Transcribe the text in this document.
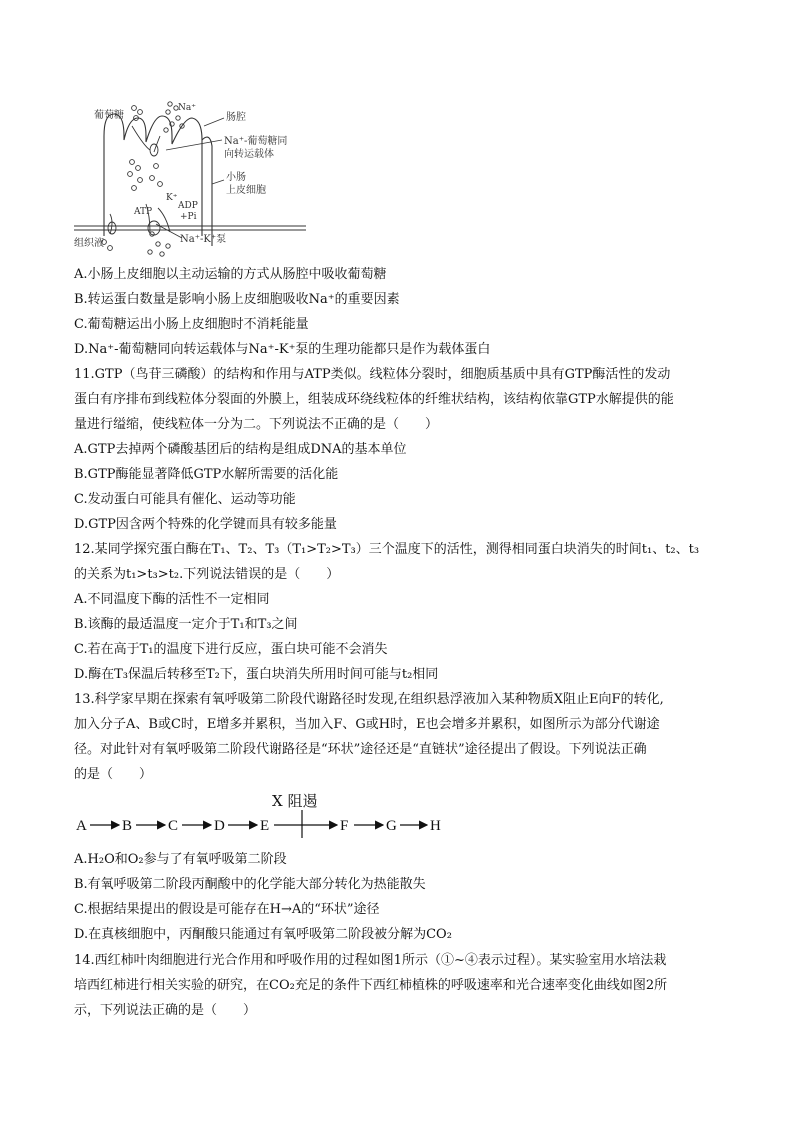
葡萄糖
Na⁺
肠腔
Na⁺-葡萄糖同
向转运载体
小肠
上皮细胞
K⁺
ATP
ADP
+Pi
组织液	Na⁺-K⁺泵
A.小肠上皮细胞以主动运输的方式从肠腔中吸收葡萄糖
B.转运蛋白数量是影响小肠上皮细胞吸收Na⁺的重要因素
C.葡萄糖运出小肠上皮细胞时不消耗能量
D.Na⁺-葡萄糖同向转运载体与Na⁺-K⁺泵的生理功能都只是作为载体蛋白
11.GTP（鸟苷三磷酸）的结构和作用与ATP类似。线粒体分裂时，细胞质基质中具有GTP酶活性的发动
蛋白有序排布到线粒体分裂面的外膜上，组装成环绕线粒体的纤维状结构，该结构依靠GTP水解提供的能
量进行缢缩，使线粒体一分为二。下列说法不正确的是（　　）
A.GTP去掉两个磷酸基团后的结构是组成DNA的基本单位
B.GTP酶能显著降低GTP水解所需要的活化能
C.发动蛋白可能具有催化、运动等功能
D.GTP因含两个特殊的化学键而具有较多能量
12.某同学探究蛋白酶在T₁、T₂、T₃（T₁>T₂>T₃）三个温度下的活性，测得相同蛋白块消失的时间t₁、t₂、t₃
的关系为t₁>t₃>t₂.下列说法错误的是（　　）
A.不同温度下酶的活性不一定相同
B.该酶的最适温度一定介于T₁和T₃之间
C.若在高于T₁的温度下进行反应，蛋白块可能不会消失
D.酶在T₃保温后转移至T₂下，蛋白块消失所用时间可能与t₂相同
13.科学家早期在探索有氧呼吸第二阶段代谢路径时发现,在组织悬浮液加入某种物质X阻止E向F的转化,
加入分子A、B或C时，E增多并累积，当加入F、G或H时，E也会增多并累积，如图所示为部分代谢途
径。对此针对有氧呼吸第二阶段代谢路径是“环状”途径还是“直链状”途径提出了假设。下列说法正确
的是（　　）
X 阻遏
A B C D E	F	G H
A.H₂O和O₂参与了有氧呼吸第二阶段
B.有氧呼吸第二阶段丙酮酸中的化学能大部分转化为热能散失
C.根据结果提出的假设是可能存在H→A的“环状”途径
D.在真核细胞中，丙酮酸只能通过有氧呼吸第二阶段被分解为CO₂
14.西红柿叶肉细胞进行光合作用和呼吸作用的过程如图1所示（①~④表示过程）。某实验室用水培法栽
培西红柿进行相关实验的研究，在CO₂充足的条件下西红柿植株的呼吸速率和光合速率变化曲线如图2所
示，下列说法正确的是（　　）
